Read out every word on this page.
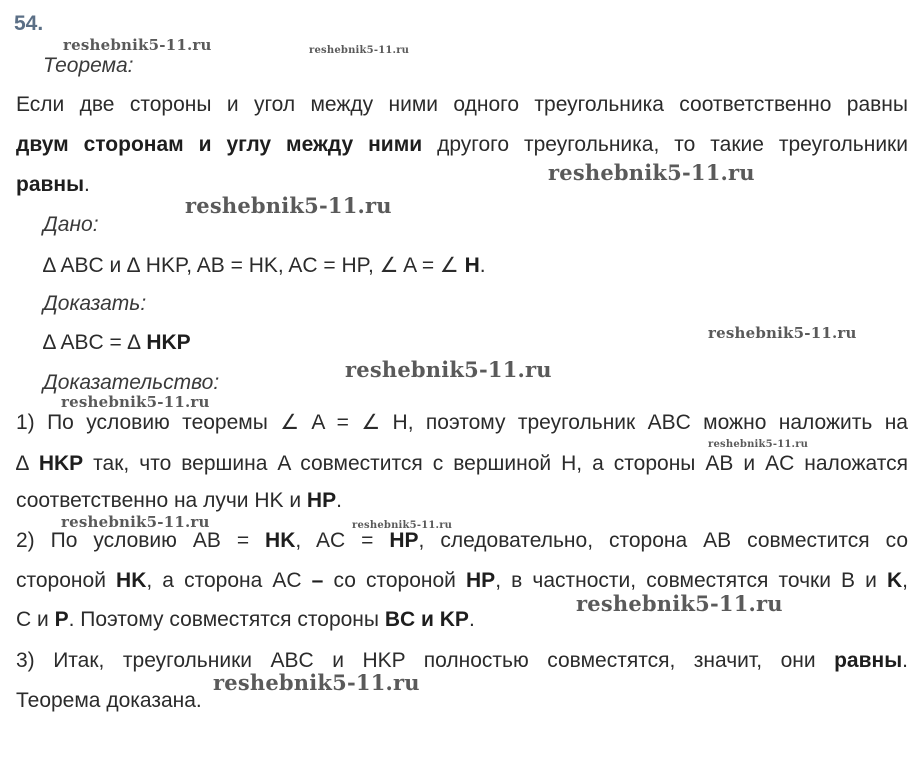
54.
Теорема:
Если две стороны и угол между ними одного треугольника соответственно равны
двум сторонам и углу между ними другого треугольника, то такие треугольники
равны.
Дано:
∆ ABC и ∆ HKP, AB = HK, AC = HP, ∠ A = ∠ H.
Доказать:
∆ ABC = ∆ HKP
Доказательство:
1) По условию теоремы ∠ A = ∠ H, поэтому треугольник ABC можно наложить на
∆ HKP так, что вершина A совместится с вершиной H, а стороны AB и AC наложатся
соответственно на лучи HK и HP.
2) По условию AB = HK, AC = HP, следовательно, сторона AB совместится со
стороной HK, а сторона AC – со стороной HP, в частности, совместятся точки B и K,
C и P. Поэтому совместятся стороны BC и KP.
3) Итак, треугольники ABC и HKP полностью совместятся, значит, они равны.
Теорема доказана.
reshebnik5-11.ru	reshebnik5-11.ru
reshebnik5-11.ru
reshebnik5-11.ru
reshebnik5-11.ru
reshebnik5-11.ru
reshebnik5-11.ru
reshebnik5-11.ru
reshebnik5-11.ru	reshebnik5-11.ru
reshebnik5-11.ru
reshebnik5-11.ru
